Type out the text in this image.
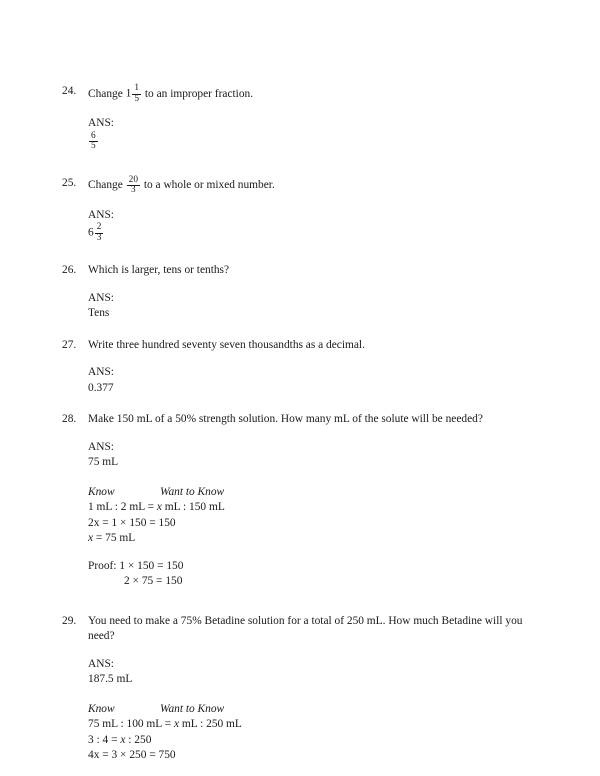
24.	Change $1 \frac{1}{5}$ to an improper fraction.
ANS:
$\frac{6}{5}$
25.	Change $\frac{20}{3}$ to a whole or mixed number.
ANS:
$6 \frac{2}{3}$
26.	Which is larger, tens or tenths?
ANS:
Tens
27.	Write three hundred seventy seven thousandths as a decimal.
ANS:
0.377
28.	Make 150 mL of a 50% strength solution. How many mL of the solute will be needed?
ANS:
75 mL
Know	Want to Know
1 mL : 2 mL = x mL : 150 mL
2x = 1 × 150 = 150
x = 75 mL
Proof: 1 × 150 = 150
2 × 75 = 150
29.	You need to make a 75% Betadine solution for a total of 250 mL. How much Betadine will you need?
ANS:
187.5 mL
Know	Want to Know
75 mL : 100 mL = x mL : 250 mL
3 : 4 = x : 250
4x = 3 × 250 = 750
